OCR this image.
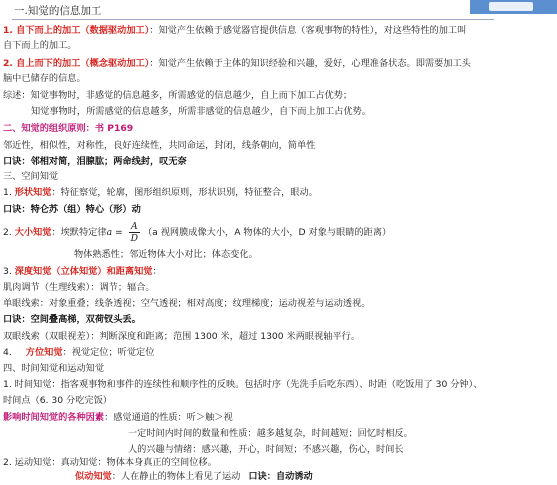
一.知觉的信息加工
1. 自下而上的加工（数据驱动加工）：知觉产生依赖于感觉器官提供信息（客观事物的特性），对这些特性的加工叫
自下而上的加工。
2. 自上而下的加工（概念驱动加工）：知觉产生依赖于主体的知识经验和兴趣，爱好，心理准备状态。即需要加工头
脑中已储存的信息。
综述：知觉事物时，非感觉的信息越多，所需感觉的信息越少，自上而下加工占优势；
知觉事物时，所需感觉的信息越多，所需非感觉的信息越少，自下而上加工占优势。
二、知觉的组织原则：书 P169
邻近性，相似性，对称性，良好连续性，共同命运，封闭，线条朝向，简单性
口诀：邻相对简，泪腺肱；两命线封，叹无奈
三、空间知觉
1. 形状知觉：特征察觉，轮廓，图形组织原则，形状识别，特征整合，眼动。
口诀：特仑苏（组）特心（形）动
2. 大小知觉：埃默特定律$a = \frac{A}{D} (a$ 视网膜成像大小，A 物体的大小，D 对象与眼睛的距离）
物体熟悉性；邻近物体大小对比；体态变化。
3. 深度知觉（立体知觉）和距离知觉：
肌肉调节（生理线索）：调节；辐合。
单眼线索：对象重叠；线条透视；空气透视；相对高度；纹理梯度；运动视差与运动透视。
口诀：空间叠高梯，双荷钗头丢。
双眼线索（双眼视差）：判断深度和距离；范围 1300 米，超过 1300 米两眼视轴平行。
4. 方位知觉：视觉定位；听觉定位
四、时间知觉和运动知觉
1. 时间知觉：指客观事物和事件的连续性和顺序性的反映。包括时序（先洗手后吃东西）、时距（吃饭用了 30 分钟）、
时间点（6. 30 分吃完饭）
影响时间知觉的各种因素：感觉通道的性质：听＞触＞视
一定时间内时间的数量和性质：越多越复杂，时间越短；回忆时相反。
人的兴趣与情绪：感兴趣，开心，时间短；不感兴趣，伤心，时间长
2. 运动知觉：真动知觉：物体本身真正的空间位移。
似动知觉：人在静止的物体上看见了运动 口诀：自动诱动
